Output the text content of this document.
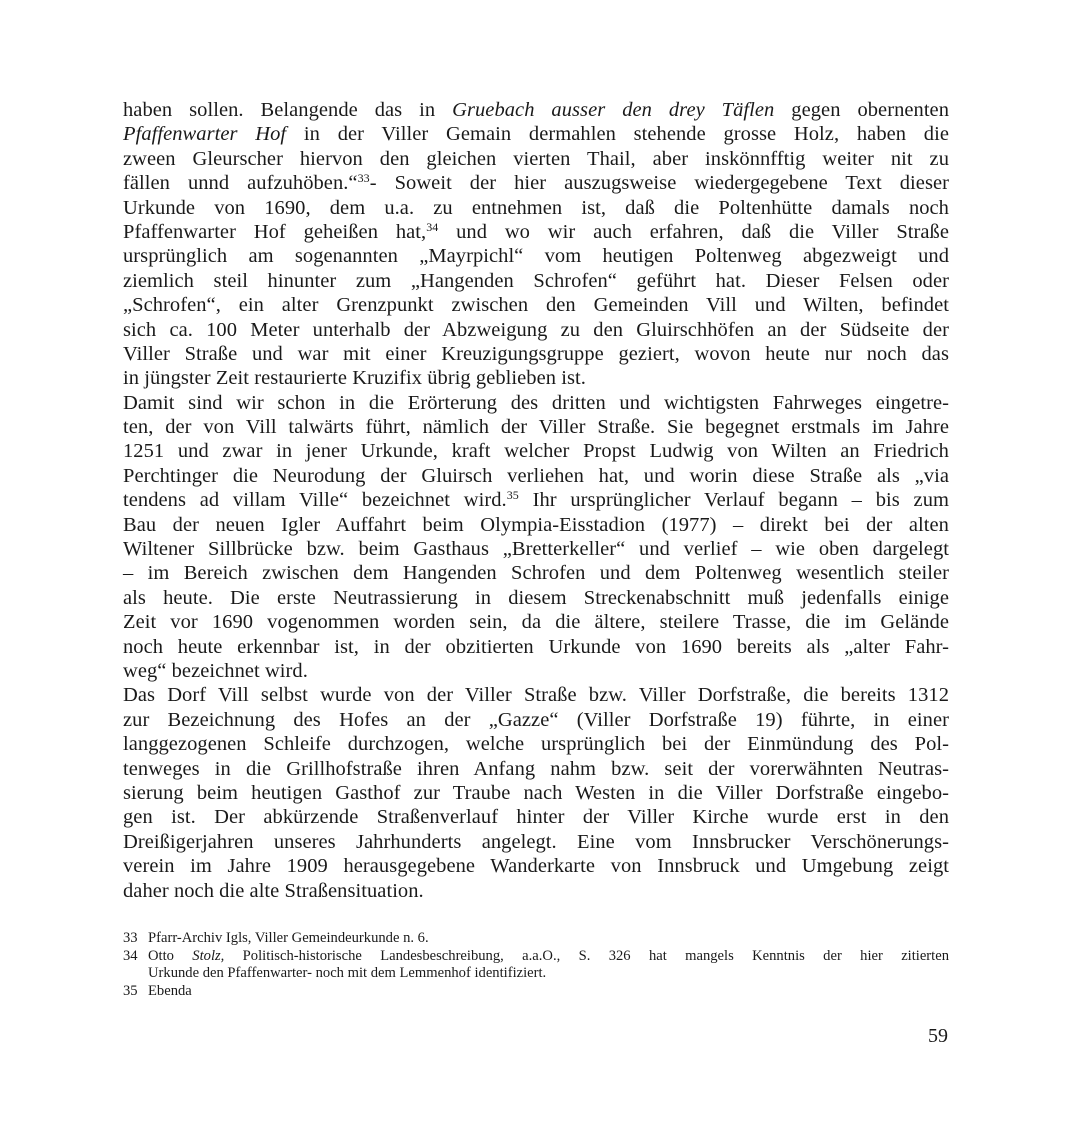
haben sollen. Belangende das in Gruebach ausser den drey Täflen gegen obernenten
Pfaffenwarter Hof in der Viller Gemain dermahlen stehende grosse Holz, haben die
zween Gleurscher hiervon den gleichen vierten Thail, aber inskönnfftig weiter nit zu
fällen unnd aufzuhöben.“$^{33}$- Soweit der hier auszugsweise wiedergegebene Text dieser
Urkunde von 1690, dem u.a. zu entnehmen ist, daß die Poltenhütte damals noch
Pfaffenwarter Hof geheißen hat,$^{34}$ und wo wir auch erfahren, daß die Viller Straße
ursprünglich am sogenannten „Mayrpichl“ vom heutigen Poltenweg abgezweigt und
ziemlich steil hinunter zum „Hangenden Schrofen“ geführt hat. Dieser Felsen oder
„Schrofen“, ein alter Grenzpunkt zwischen den Gemeinden Vill und Wilten, befindet
sich ca. 100 Meter unterhalb der Abzweigung zu den Gluirschhöfen an der Südseite der
Viller Straße und war mit einer Kreuzigungsgruppe geziert, wovon heute nur noch das
in jüngster Zeit restaurierte Kruzifix übrig geblieben ist.
Damit sind wir schon in die Erörterung des dritten und wichtigsten Fahrweges eingetre-
ten, der von Vill talwärts führt, nämlich der Viller Straße. Sie begegnet erstmals im Jahre
1251 und zwar in jener Urkunde, kraft welcher Propst Ludwig von Wilten an Friedrich
Perchtinger die Neurodung der Gluirsch verliehen hat, und worin diese Straße als „via
tendens ad villam Ville“ bezeichnet wird.$^{35}$ Ihr ursprünglicher Verlauf begann – bis zum
Bau der neuen Igler Auffahrt beim Olympia-Eisstadion (1977) – direkt bei der alten
Wiltener Sillbrücke bzw. beim Gasthaus „Bretterkeller“ und verlief – wie oben dargelegt
– im Bereich zwischen dem Hangenden Schrofen und dem Poltenweg wesentlich steiler
als heute. Die erste Neutrassierung in diesem Streckenabschnitt muß jedenfalls einige
Zeit vor 1690 vogenommen worden sein, da die ältere, steilere Trasse, die im Gelände
noch heute erkennbar ist, in der obzitierten Urkunde von 1690 bereits als „alter Fahr-
weg“ bezeichnet wird.
Das Dorf Vill selbst wurde von der Viller Straße bzw. Viller Dorfstraße, die bereits 1312
zur Bezeichnung des Hofes an der „Gazze“ (Viller Dorfstraße 19) führte, in einer
langgezogenen Schleife durchzogen, welche ursprünglich bei der Einmündung des Pol-
tenweges in die Grillhofstraße ihren Anfang nahm bzw. seit der vorerwähnten Neutras-
sierung beim heutigen Gasthof zur Traube nach Westen in die Viller Dorfstraße eingebo-
gen ist. Der abkürzende Straßenverlauf hinter der Viller Kirche wurde erst in den
Dreißigerjahren unseres Jahrhunderts angelegt. Eine vom Innsbrucker Verschönerungs-
verein im Jahre 1909 herausgegebene Wanderkarte von Innsbruck und Umgebung zeigt
daher noch die alte Straßensituation.
33 Pfarr-Archiv Igls, Viller Gemeindeurkunde n. 6.
34 Otto Stolz, Politisch-historische Landesbeschreibung, a.a.O., S. 326 hat mangels Kenntnis der hier zitierten
Urkunde den Pfaffenwarter- noch mit dem Lemmenhof identifiziert.
35 Ebenda
59
